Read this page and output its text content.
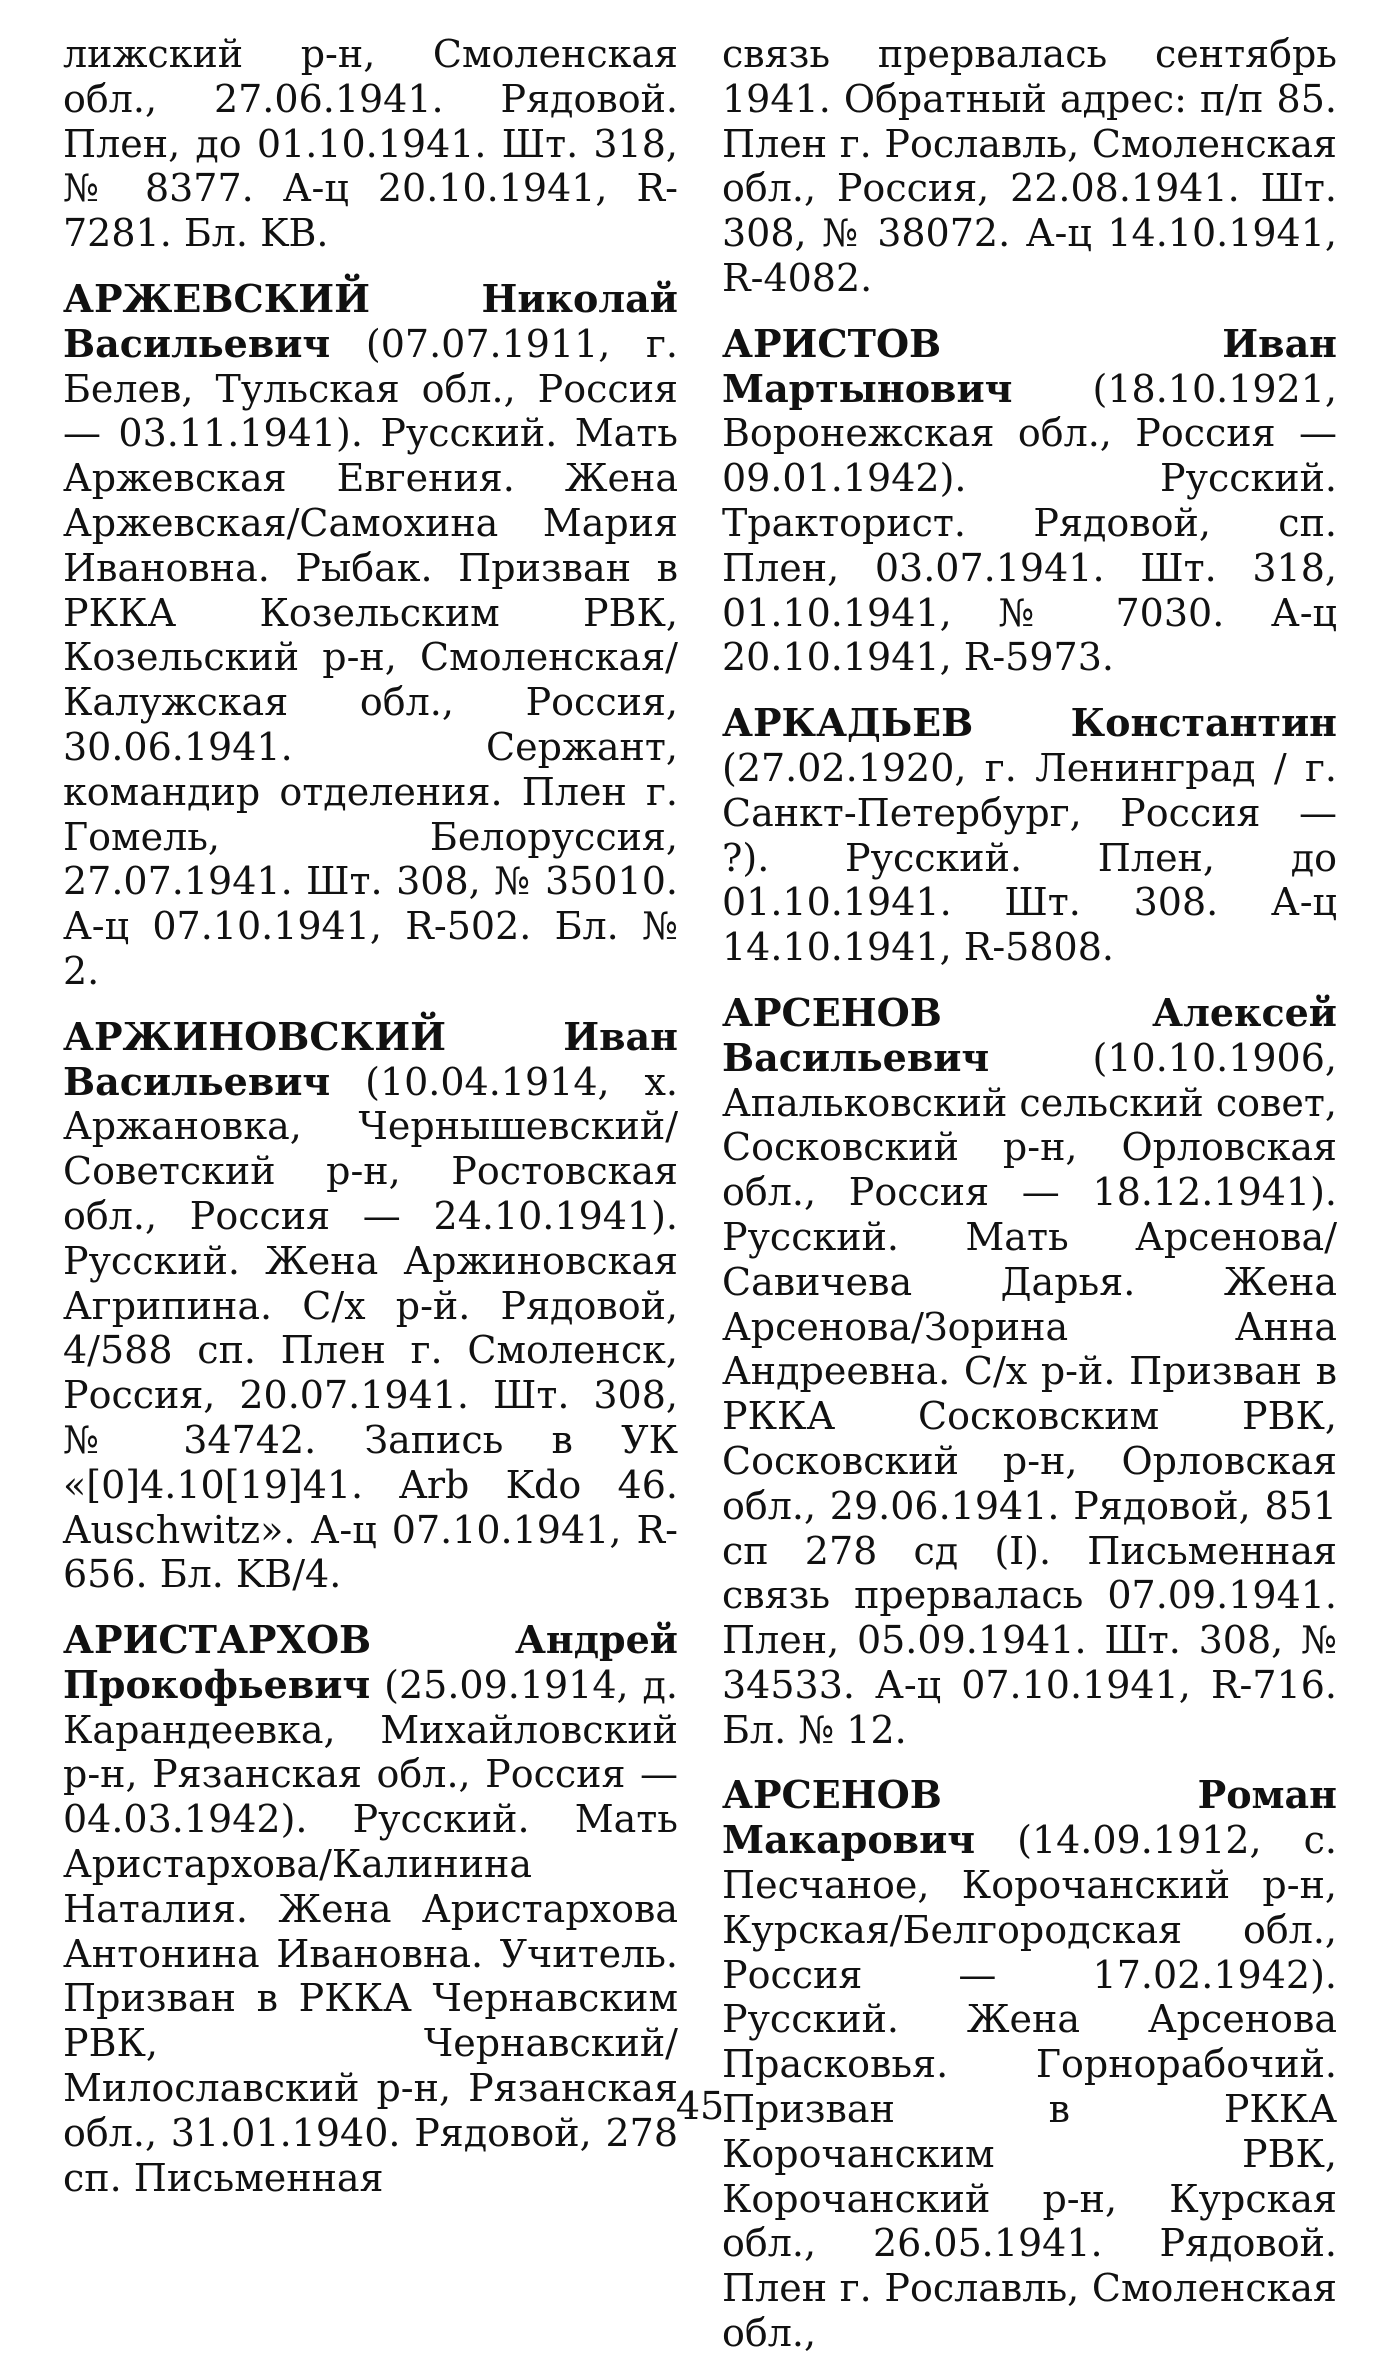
лижский р-н, Смоленская обл., 27.06.1941. Рядовой. Плен, до 01.10.1941. Шт. 318, № 8377. А-ц 20.10.1941, R-7281. Бл. KB.

АРЖЕВСКИЙ Николай Васильевич (07.07.1911, г. Белев, Тульская обл., Россия — 03.11.1941). Русский. Мать Аржевская Евгения. Жена Аржевская/Самохина Мария Ивановна. Рыбак. Призван в РККА Козельским РВК, Козельский р-н, Смоленская/Калужская обл., Россия, 30.06.1941. Сержант, командир отделения. Плен г. Гомель, Белоруссия, 27.07.1941. Шт. 308, № 35010. А-ц 07.10.1941, R-502. Бл. № 2.

АРЖИНОВСКИЙ Иван Васильевич (10.04.1914, х. Аржановка, Чернышевский/Советский р-н, Ростовская обл., Россия — 24.10.1941). Русский. Жена Аржиновская Агрипина. С/х р-й. Рядовой, 4/588 сп. Плен г. Смоленск, Россия, 20.07.1941. Шт. 308, № 34742. Запись в УК «[0]4.10[19]41. Arb Kdo 46. Auschwitz». А-ц 07.10.1941, R-656. Бл. KB/4.

АРИСТАРХОВ Андрей Прокофьевич (25.09.1914, д. Карандеевка, Михайловский р-н, Рязанская обл., Россия — 04.03.1942). Русский. Мать Аристархова/Калинина Наталия. Жена Аристархова Антонина Ивановна. Учитель. Призван в РККА Чернавским РВК, Чернавский/Милославский р-н, Рязанская обл., 31.01.1940. Рядовой, 278 сп. Письменная

связь прервалась сентябрь 1941. Обратный адрес: п/п 85. Плен г. Рославль, Смоленская обл., Россия, 22.08.1941. Шт. 308, № 38072. А-ц 14.10.1941, R-4082.

АРИСТОВ Иван Мартынович (18.10.1921, Воронежская обл., Россия — 09.01.1942). Русский. Тракторист. Рядовой, сп. Плен, 03.07.1941. Шт. 318, 01.10.1941, № 7030. А-ц 20.10.1941, R-5973.

АРКАДЬЕВ Константин (27.02.1920, г. Ленинград / г. Санкт-Петербург, Россия — ?). Русский. Плен, до 01.10.1941. Шт. 308. А-ц 14.10.1941, R-5808.

АРСЕНОВ Алексей Васильевич (10.10.1906, Апальковский сельский совет, Сосковский р-н, Орловская обл., Россия — 18.12.1941). Русский. Мать Арсенова/Савичева Дарья. Жена Арсенова/Зорина Анна Андреевна. С/х р-й. Призван в РККА Сосковским РВК, Сосковский р-н, Орловская обл., 29.06.1941. Рядовой, 851 сп 278 сд (I). Письменная связь прервалась 07.09.1941. Плен, 05.09.1941. Шт. 308, № 34533. А-ц 07.10.1941, R-716. Бл. № 12.

АРСЕНОВ Роман Макарович (14.09.1912, с. Песчаное, Корочанский р-н, Курская/Белгородская обл., Россия — 17.02.1942). Русский. Жена Арсенова Прасковья. Горнорабочий. Призван в РККА Корочанским РВК, Корочанский р-н, Курская обл., 26.05.1941. Рядовой. Плен г. Рославль, Смоленская обл.,

45
